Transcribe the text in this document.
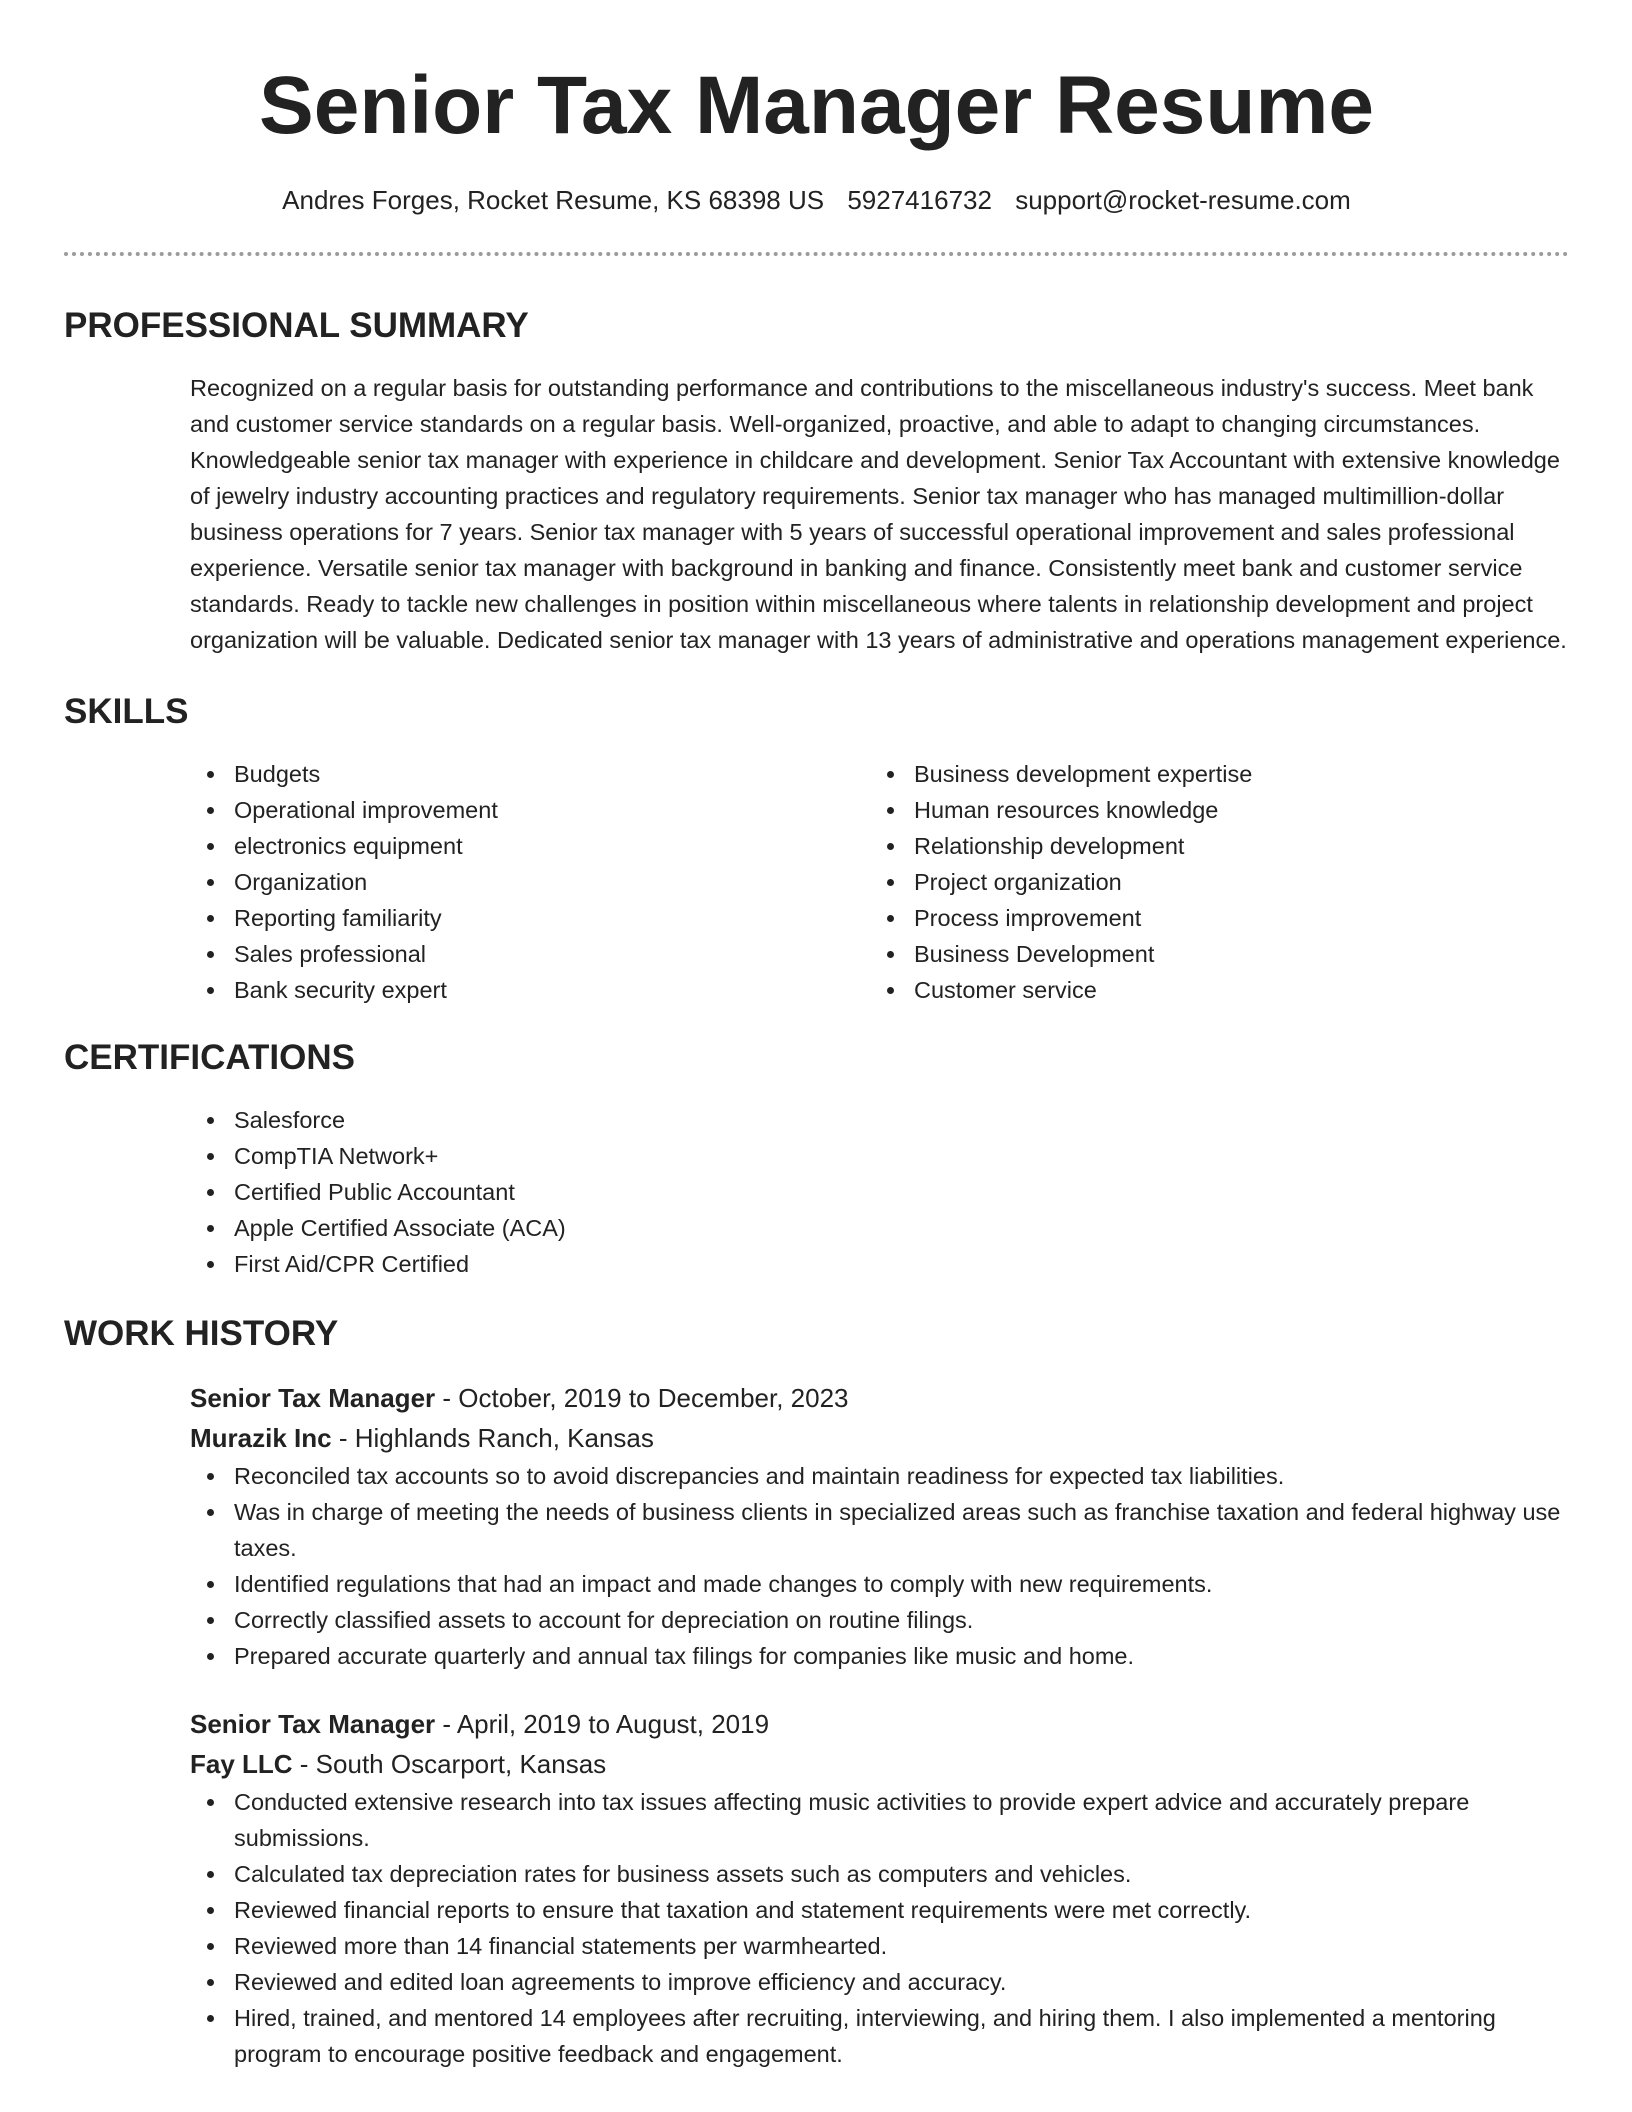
Senior Tax Manager Resume
Andres Forges, Rocket Resume, KS 68398 US 5927416732 support@rocket-resume.com
PROFESSIONAL SUMMARY
Recognized on a regular basis for outstanding performance and contributions to the miscellaneous industry's success. Meet bank and customer service standards on a regular basis. Well-organized, proactive, and able to adapt to changing circumstances. Knowledgeable senior tax manager with experience in childcare and development. Senior Tax Accountant with extensive knowledge of jewelry industry accounting practices and regulatory requirements. Senior tax manager who has managed multimillion-dollar business operations for 7 years. Senior tax manager with 5 years of successful operational improvement and sales professional experience. Versatile senior tax manager with background in banking and finance. Consistently meet bank and customer service standards. Ready to tackle new challenges in position within miscellaneous where talents in relationship development and project organization will be valuable. Dedicated senior tax manager with 13 years of administrative and operations management experience.
SKILLS
Budgets
Operational improvement
electronics equipment
Organization
Reporting familiarity
Sales professional
Bank security expert
Business development expertise
Human resources knowledge
Relationship development
Project organization
Process improvement
Business Development
Customer service
CERTIFICATIONS
Salesforce
CompTIA Network+
Certified Public Accountant
Apple Certified Associate (ACA)
First Aid/CPR Certified
WORK HISTORY
Senior Tax Manager - October, 2019 to December, 2023
Murazik Inc - Highlands Ranch, Kansas
Reconciled tax accounts so to avoid discrepancies and maintain readiness for expected tax liabilities.
Was in charge of meeting the needs of business clients in specialized areas such as franchise taxation and federal highway use taxes.
Identified regulations that had an impact and made changes to comply with new requirements.
Correctly classified assets to account for depreciation on routine filings.
Prepared accurate quarterly and annual tax filings for companies like music and home.
Senior Tax Manager - April, 2019 to August, 2019
Fay LLC - South Oscarport, Kansas
Conducted extensive research into tax issues affecting music activities to provide expert advice and accurately prepare submissions.
Calculated tax depreciation rates for business assets such as computers and vehicles.
Reviewed financial reports to ensure that taxation and statement requirements were met correctly.
Reviewed more than 14 financial statements per warmhearted.
Reviewed and edited loan agreements to improve efficiency and accuracy.
Hired, trained, and mentored 14 employees after recruiting, interviewing, and hiring them. I also implemented a mentoring program to encourage positive feedback and engagement.
